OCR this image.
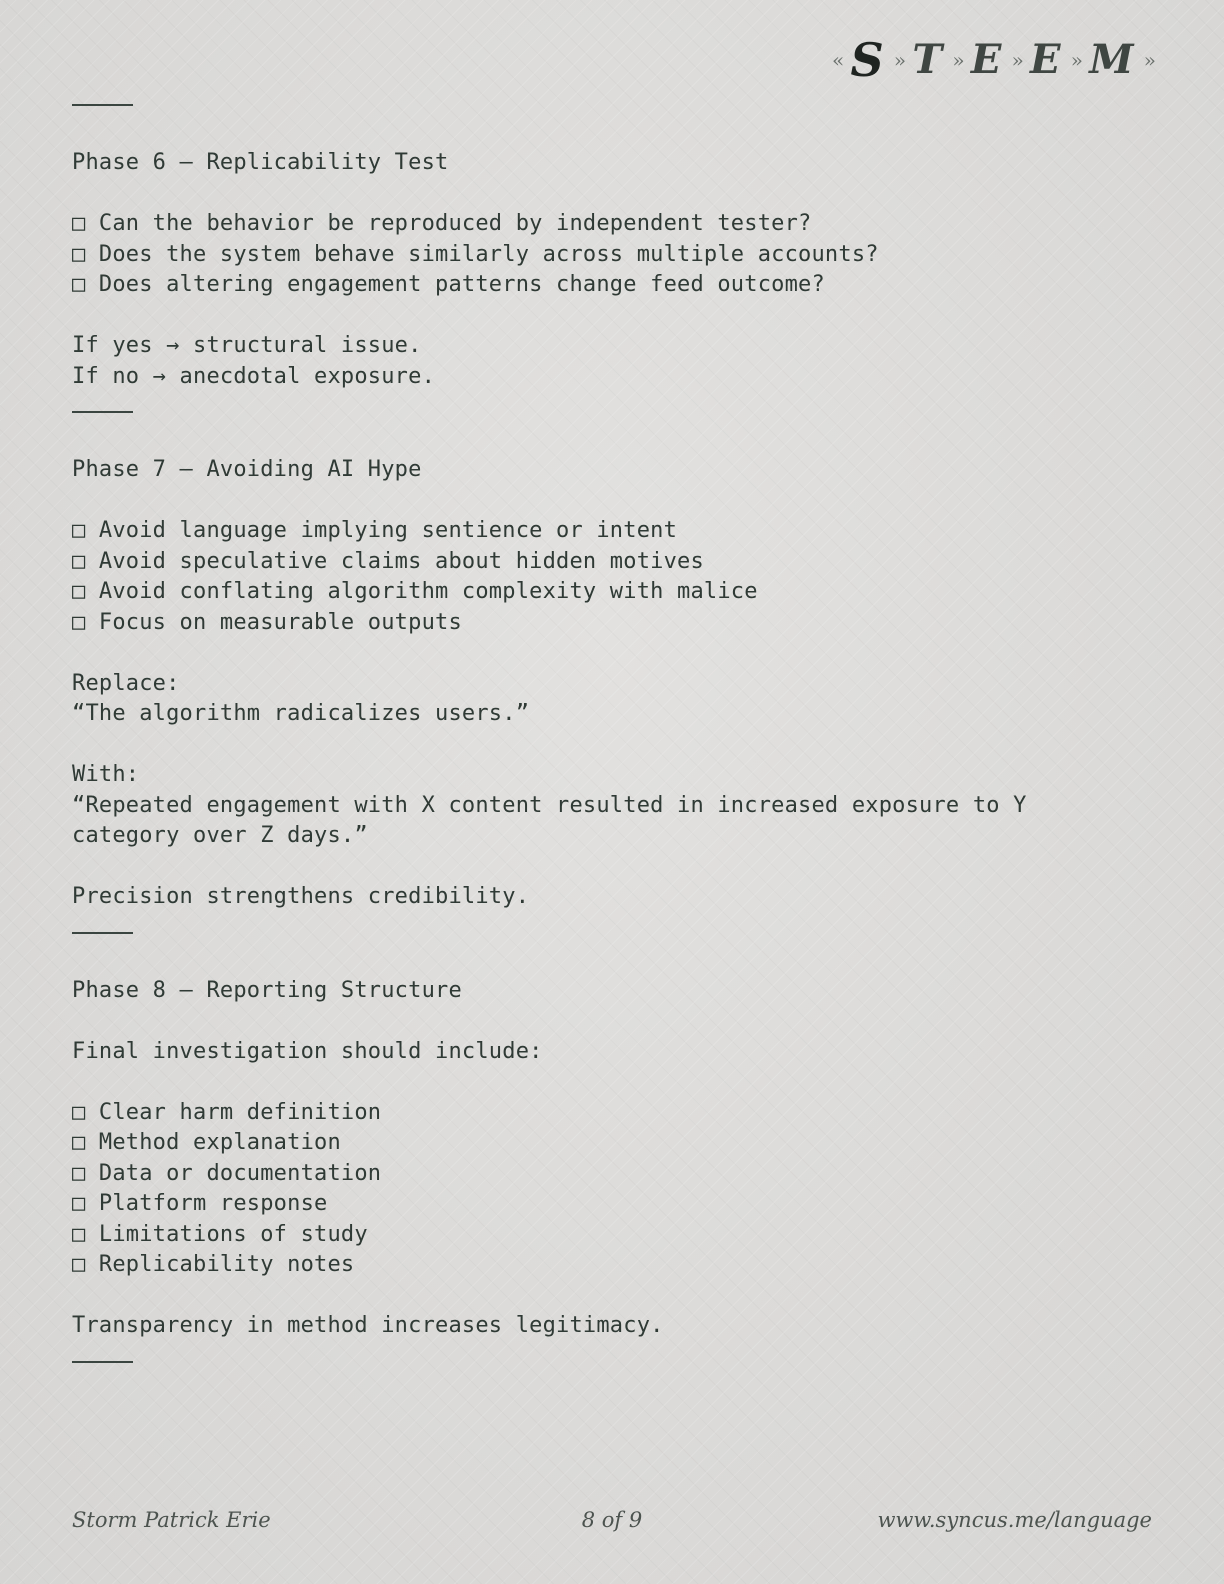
« S » T » E » E » M »
Phase 6 — Replicability Test
□ Can the behavior be reproduced by independent tester?
□ Does the system behave similarly across multiple accounts?
□ Does altering engagement patterns change feed outcome?
If yes → structural issue.
If no → anecdotal exposure.
Phase 7 — Avoiding AI Hype
□ Avoid language implying sentience or intent
□ Avoid speculative claims about hidden motives
□ Avoid conflating algorithm complexity with malice
□ Focus on measurable outputs
Replace:
“The algorithm radicalizes users.”
With:
“Repeated engagement with X content resulted in increased exposure to Y
category over Z days.”
Precision strengthens credibility.
Phase 8 — Reporting Structure
Final investigation should include:
□ Clear harm definition
□ Method explanation
□ Data or documentation
□ Platform response
□ Limitations of study
□ Replicability notes
Transparency in method increases legitimacy.
Storm Patrick Erie	8 of 9	www.syncus.me/language
